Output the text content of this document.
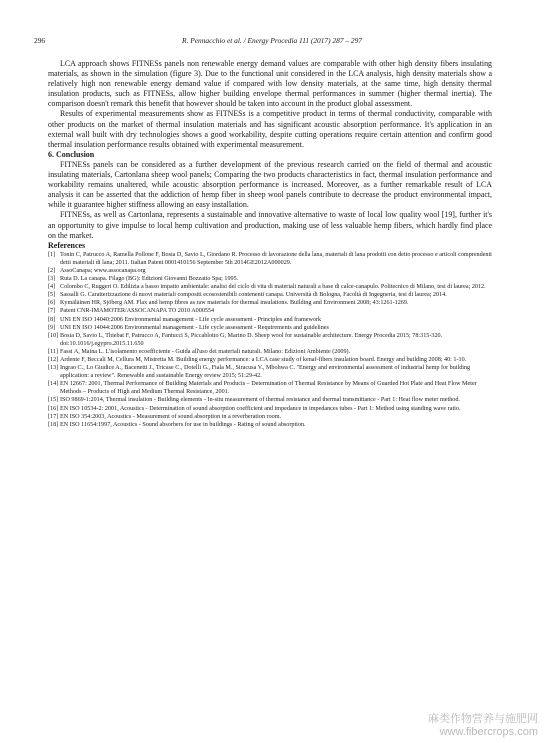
296	R. Pennacchio et al. / Energy Procedia 111 (2017) 287 – 297

LCA approach shows FITNESs panels non renewable energy demand values are comparable with other high density fibers insulating materials, as shown in the simulation (figure 3). Due to the functional unit considered in the LCA analysis, high density materials show a relatively high non renewable energy demand value if compared with low density materials, at the same time, high density thermal insulation products, such as FITNESs, allow higher building envelope thermal performances in summer (higher thermal inertia). The comparison doesn't remark this benefit that however should be taken into account in the product global assessment.

Results of experimental measurements show as FITNESs is a competitive product in terms of thermal conductivity, comparable with other products on the market of thermal insulation materials and has significant acoustic absorption performance. It's application in an external wall built with dry technologies shows a good workability, despite cutting operations require certain attention and confirm good thermal insulation performance results obtained with experimental measurement.

6. Conclusion

FITNESs panels can be considered as a further development of the previous research carried on the field of thermal and acoustic insulating materials, Cartonlana sheep wool panels; Comparing the two products characteristics in fact, thermal insulation performance and workability remains unaltered, while acoustic absorption performance is increased. Moreover, as a further remarkable result of LCA analysis it can be asserted that the addiction of hemp fiber in sheep wool panels contribute to decrease the product environmental impact, while it guarantee higher stiffness allowing an easy installation.

FITNESs, as well as Cartonlana, represents a sustainable and innovative alternative to waste of local low quality wool [19], further it's an opportunity to give impulse to local hemp cultivation and production, making use of less valuable hemp fibers, which hardly find place on the market.

References
[1] Tonin C, Patrucco A, Ramella Pollone F, Bosia D, Savio L, Giordano R. Processo di lavorazione della lana, materiali di lana prodotti con detto processo e articoli comprendenti detti materiali di lana; 2011. Italian Patent 0001410156 September 5th 2014GE2012A000029.
[2] AssoCanapa; www.assocanapa.org
[3] Ruta D. La canapa. Filago (BG): Edizioni Giovanni Bozzatto Spa; 1995.
[4] Colombo C, Ruggeri O. Edilizia a basso impatto ambientale: analisi del ciclo di vita di materiali naturali a base di calce-canapulo. Politecnico di Milano, tesi di laurea; 2012.
[5] Sassalli G. Caratterizzazione di nuovi materiali compositi ecosostenibili contenenti canapa. Università di Bologna, Facoltà di Ingegneria, tesi di laurea; 2014.
[6] Kymäläinen HR, Sjöberg AM. Flax and hemp fibres as raw materials for thermal insulations. Building and Environment 2008; 43:1261-1269.
[7] Patent CNR-IMAMOTER/ASSOCANAPA TO 2010 A000554
[8] UNI EN ISO 14040:2006 Environmental management - Life cycle assessment - Principles and framework
[9] UNI EN ISO 14044:2006 Environmental management - Life cycle assessment - Requirements and guidelines
[10] Bosia D, Savio L, Thiebat F, Patrucco A, Fantucci S, Piccablotto G, Marino D. Sheep wool for sustainable architecture. Energy Procedia 2015; 78:315-320. doi:10.1016/j.egypro.2015.11.650
[11] Fassi A, Maina L. L'isolamento ecoefficiente - Guida all'uso dei materiali naturali. Milano: Edizioni Ambiente (2009).
[12] Ardente F, Beccali M, Cellura M, Mistretta M. Building energy performance: a LCA case study of kenaf-fibers insulation board. Energy and building 2008; 40: 1-10.
[13] Ingrao C., Lo Giudice A., Bacenetti J., Tricase C., Dotelli G., Fiala M., Siracusa V., Mbohwa C. "Energy and environmental assessment of industrial hemp for building application: a review". Renewable and sustainable Energy review 2015; 51:29-42.
[14] EN 12667: 2001, Thermal Performance of Building Materials and Products – Determination of Thermal Resistance by Means of Guarded Hot Plate and Heat Flow Meter Methods – Products of High and Medium Thermal Resistance, 2001.
[15] ISO 9869-1:2014, Thermal insulation - Building elements - In-situ measurement of thermal resistance and thermal transmittance - Part 1: Heat flow meter method.
[16] EN ISO 10534-2: 2001, Acoustics - Determination of sound absorption coefficient and impedance in impedances tubes - Part 1: Method using standing wave ratio.
[17] EN ISO 354:2003, Acoustics - Measurement of sound absorption in a reverberation room.
[18] EN ISO 11654:1997, Acoustics - Sound absorbers for use in buildings - Rating of sound absorption.
麻类作物营养与施肥网
www.fibercrops.com
